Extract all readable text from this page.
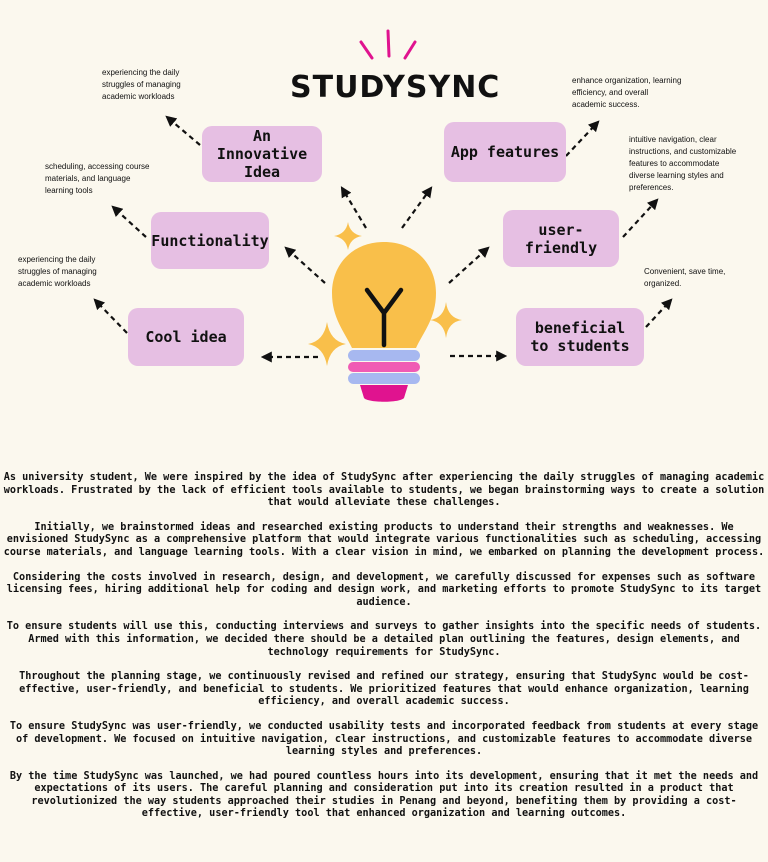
STUDYSYNC
An Innovative Idea
Functionality
Cool idea
App features
user-friendly
beneficial to students
experiencing the daily struggles of managing academic workloads
scheduling, accessing course materials, and language learning tools
experiencing the daily struggles of managing academic workloads
enhance organization, learning efficiency, and overall academic success.
intuitive navigation, clear instructions, and customizable features to accommodate diverse learning styles and preferences.
Convenient, save time, organized.

As university student, We were inspired by the idea of StudySync after experiencing the daily struggles of managing academic workloads. Frustrated by the lack of efficient tools available to students, we began brainstorming ways to create a solution that would alleviate these challenges.

Initially, we brainstormed ideas and researched existing products to understand their strengths and weaknesses. We envisioned StudySync as a comprehensive platform that would integrate various functionalities such as scheduling, accessing course materials, and language learning tools. With a clear vision in mind, we embarked on planning the development process.

Considering the costs involved in research, design, and development, we carefully discussed for expenses such as software licensing fees, hiring additional help for coding and design work, and marketing efforts to promote StudySync to its target audience.

To ensure students will use this, conducting interviews and surveys to gather insights into the specific needs of students. Armed with this information, we decided there should be a detailed plan outlining the features, design elements, and technology requirements for StudySync.

Throughout the planning stage, we continuously revised and refined our strategy, ensuring that StudySync would be cost-effective, user-friendly, and beneficial to students. We prioritized features that would enhance organization, learning efficiency, and overall academic success.

To ensure StudySync was user-friendly, we conducted usability tests and incorporated feedback from students at every stage of development. We focused on intuitive navigation, clear instructions, and customizable features to accommodate diverse learning styles and preferences.

By the time StudySync was launched, we had poured countless hours into its development, ensuring that it met the needs and expectations of its users. The careful planning and consideration put into its creation resulted in a product that revolutionized the way students approached their studies in Penang and beyond, benefiting them by providing a cost-effective, user-friendly tool that enhanced organization and learning outcomes.
